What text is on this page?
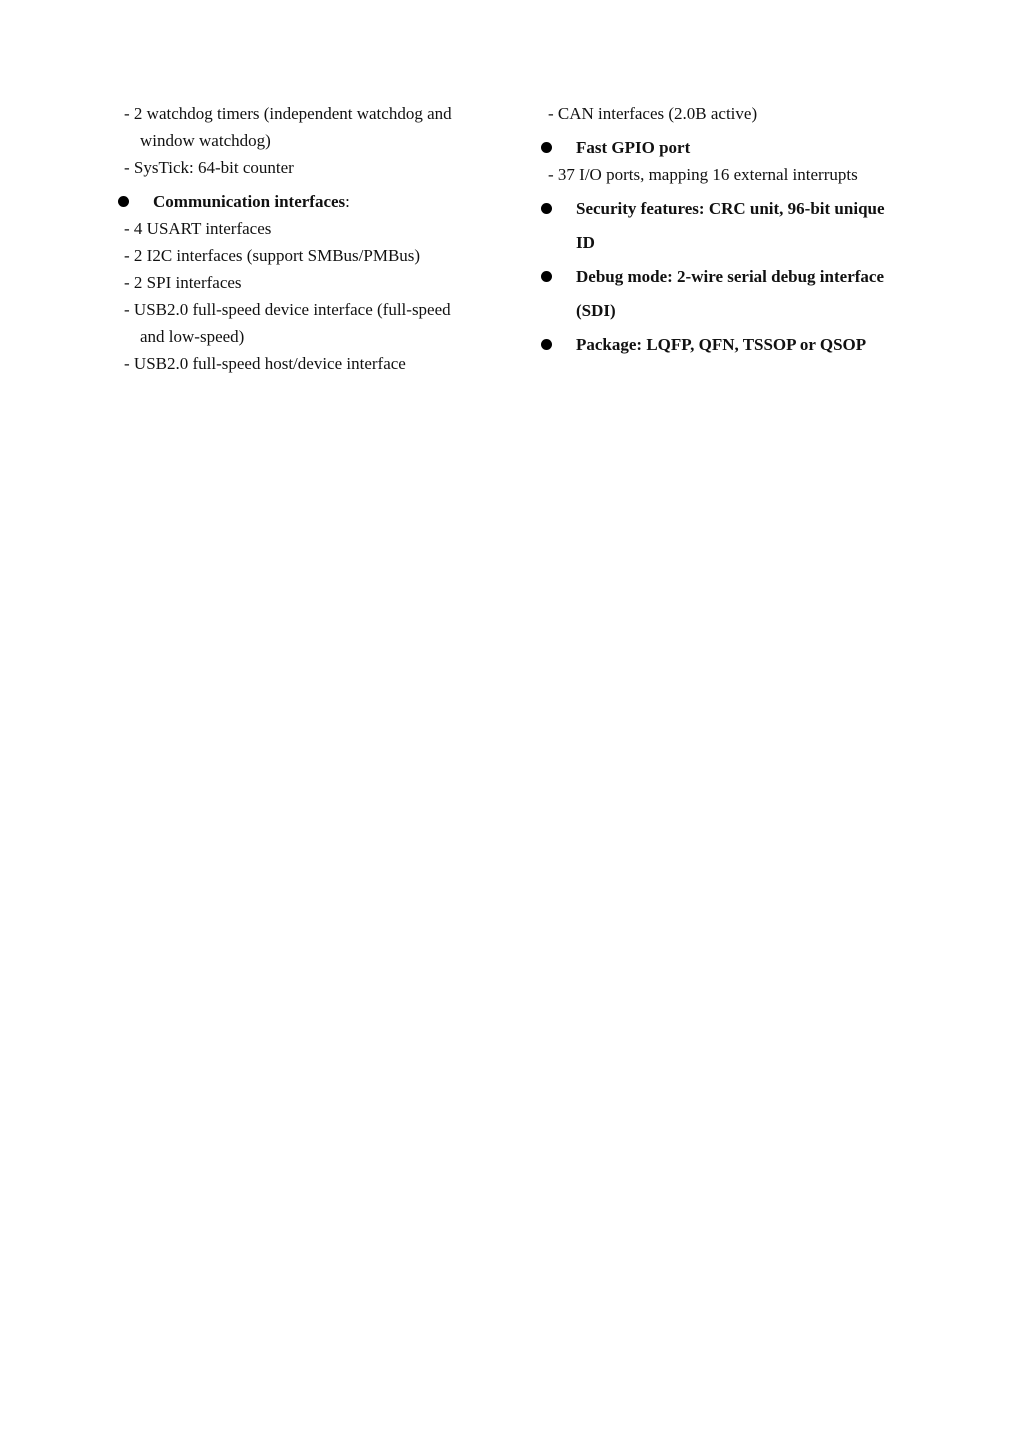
- 2 watchdog timers (independent watchdog and
window watchdog)
- SysTick: 64-bit counter
Communication interfaces:
- 4 USART interfaces
- 2 I2C interfaces (support SMBus/PMBus)
- 2 SPI interfaces
- USB2.0 full-speed device interface (full-speed
and low-speed)
- USB2.0 full-speed host/device interface
- CAN interfaces (2.0B active)
Fast GPIO port
- 37 I/O ports, mapping 16 external interrupts
Security features: CRC unit, 96-bit unique
ID
Debug mode: 2-wire serial debug interface
(SDI)
Package: LQFP, QFN, TSSOP or QSOP
